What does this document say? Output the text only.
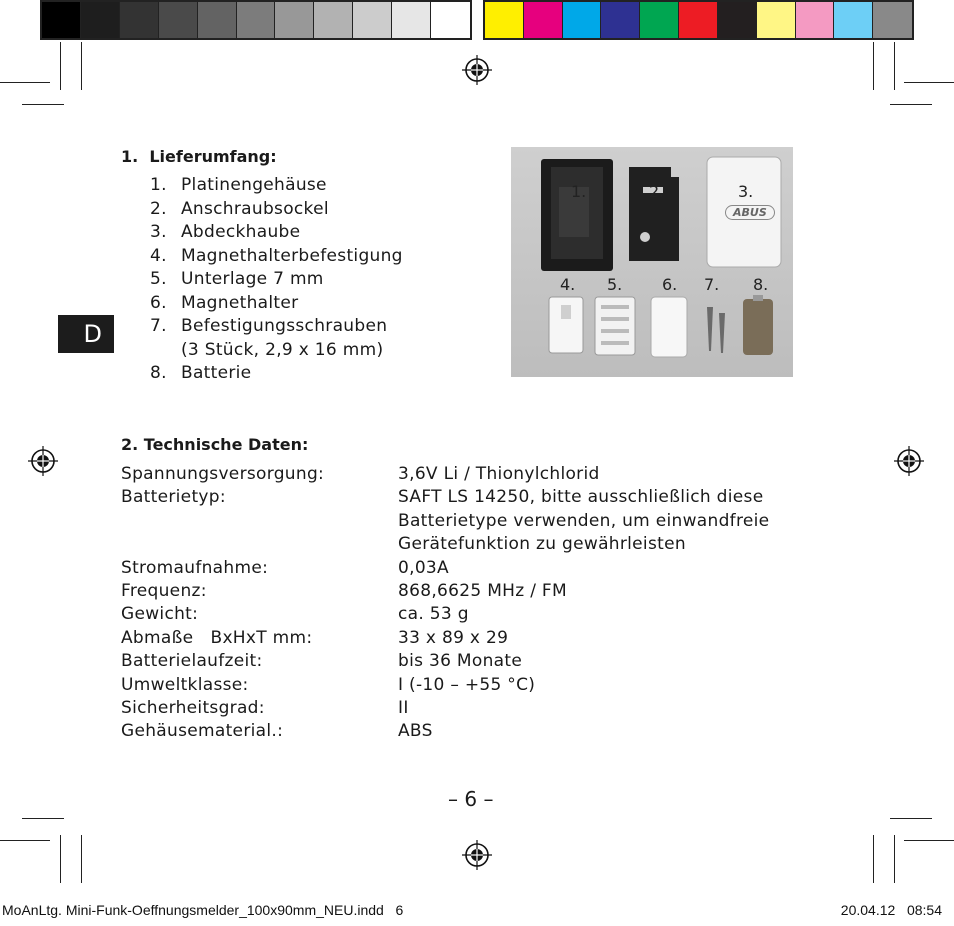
1.  Lieferumfang:
1. Platinengehäuse
2. Anschraubsockel
3. Abdeckhaube
4. Magnethalterbefestigung
5. Unterlage 7 mm
6. Magnethalter
7. Befestigungsschrauben
(3 Stück, 2,9 x 16 mm)
8. Batterie
D
1.	2.	3.
ABUS
4. 5. 6. 7. 8.
2. Technische Daten:
Spannungsversorgung:	3,6V Li / Thionylchlorid
Batterietyp:	SAFT LS 14250, bitte ausschließlich diese
Batterietype verwenden, um einwandfreie
Gerätefunktion zu gewährleisten
Stromaufnahme:	0,03A
Frequenz:	868,6625 MHz / FM
Gewicht:	ca. 53 g
Abmaße   BxHxT mm:	33 x 89 x 29
Batterielaufzeit:	bis 36 Monate
Umweltklasse:	I (-10 – +55 °C)
Sicherheitsgrad:	II
Gehäusematerial.:	ABS
– 6 –
MoAnLtg. Mini-Funk-Oeffnungsmelder_100x90mm_NEU.indd   6	20.04.12   08:54
